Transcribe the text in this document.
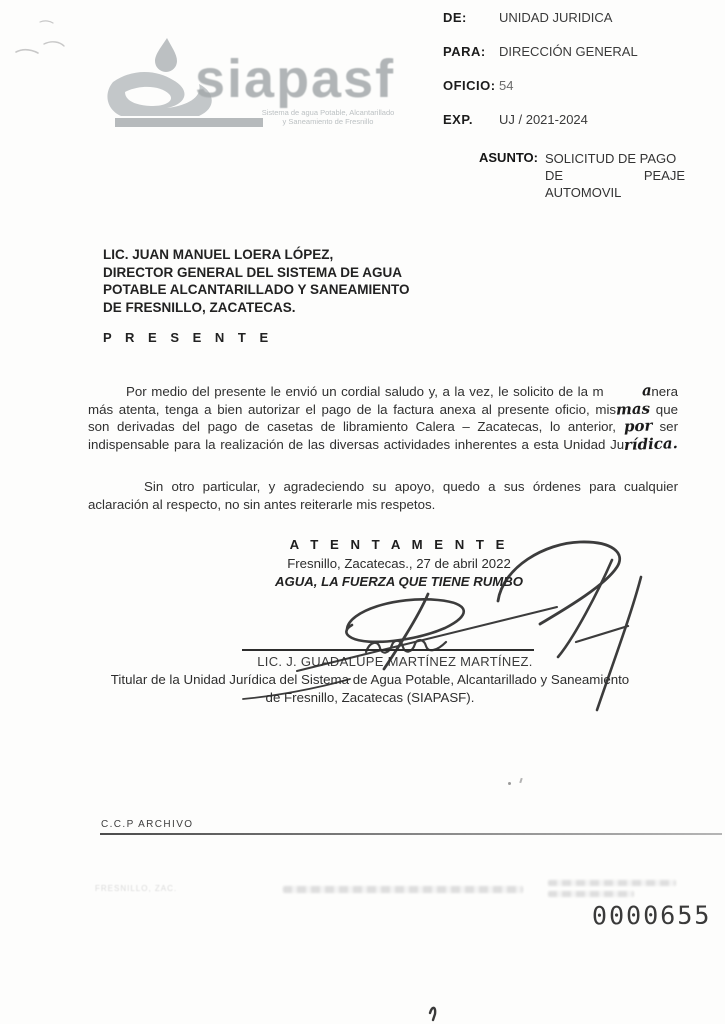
siapasf
Sistema de agua Potable, Alcantarillado
y Saneamiento de Fresnillo
DE:	UNIDAD JURIDICA
PARA:	DIRECCIÓN GENERAL
OFICIO: 54
EXP.	UJ / 2021-2024
ASUNTO: SOLICITUD DE PAGO
DE	PEAJE
AUTOMOVIL
LIC. JUAN MANUEL LOERA LÓPEZ,
DIRECTOR GENERAL DEL SISTEMA DE AGUA
POTABLE ALCANTARILLADO Y SANEAMIENTO
DE FRESNILLO, ZACATECAS.
P R E S E N T E
Por medio del presente le envió un cordial saludo y, a la vez, le solicito de la m	anera
más atenta, tenga a bien autorizar el pago de la factura anexa al presente oficio, mismas que
son derivadas del pago de casetas de libramiento Calera – Zacatecas, lo anterior, por ser
indispensable para la realización de las diversas actividades inherentes a esta Unidad Jurídica.
Sin otro particular, y agradeciendo su apoyo, quedo a sus órdenes para cualquier
aclaración al respecto, no sin antes reiterarle mis respetos.
A T E N T A M E N T E
Fresnillo, Zacatecas., 27 de abril 2022
AGUA, LA FUERZA QUE TIENE RUMBO
LIC. J. GUADALUPE MARTÍNEZ MARTÍNEZ.
Titular de la Unidad Jurídica del Sistema de Agua Potable, Alcantarillado y Saneamiento
de Fresnillo, Zacatecas (SIAPASF).
C.C.P ARCHIVO
FRESNILLO, ZAC.
0000655
